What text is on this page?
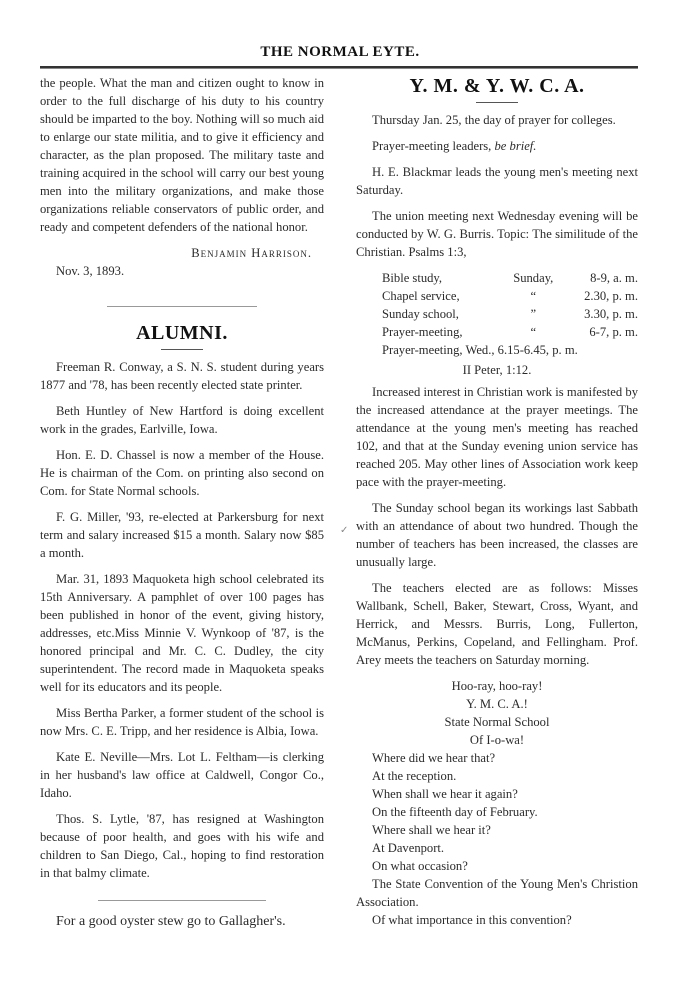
THE NORMAL EYTE.

the people. What the man and citizen ought to know in order to the full discharge of his duty to his country should be imparted to the boy. Nothing will so much aid to enlarge our state militia, and to give it efficiency and character, as the plan proposed. The military taste and training acquired in the school will carry our best young men into the military organizations, and make those organizations reliable conservators of public order, and ready and competent defenders of the national honor.

Benjamin Harrison.
Nov. 3, 1893.
ALUMNI.

Freeman R. Conway, a S. N. S. student during years 1877 and '78, has been recently elected state printer.

Beth Huntley of New Hartford is doing excellent work in the grades, Earlville, Iowa.

Hon. E. D. Chassel is now a member of the House. He is chairman of the Com. on printing also second on Com. for State Normal schools.

F. G. Miller, '93, re-elected at Parkersburg for next term and salary increased $15 a month. Salary now $85 a month.

Mar. 31, 1893 Maquoketa high school celebrated its 15th Anniversary. A pamphlet of over 100 pages has been published in honor of the event, giving history, addresses, etc.Miss Minnie V. Wynkoop of '87, is the honored principal and Mr. C. C. Dudley, the city superintendent. The record made in Maquoketa speaks well for its educators and its people.

Miss Bertha Parker, a former student of the school is now Mrs. C. E. Tripp, and her residence is Albia, Iowa.

Kate E. Neville—Mrs. Lot L. Feltham—is clerking in her husband's law office at Caldwell, Congor Co., Idaho.

Thos. S. Lytle, '87, has resigned at Washington because of poor health, and goes with his wife and children to San Diego, Cal., hoping to find restoration in that balmy climate.

For a good oyster stew go to Gallagher's.

✓
Y. M. & Y. W. C. A.

Thursday Jan. 25, the day of prayer for colleges.

Prayer-meeting leaders, be brief.

H. E. Blackmar leads the young men's meeting next Saturday.

The union meeting next Wednesday evening will be conducted by W. G. Burris. Topic: The similitude of the Christian. Psalms 1:3,

Bible study,	Sunday,	8-9, a. m.
Chapel service,	“	2.30, p. m.
Sunday school,	”	3.30, p. m.
Prayer-meeting,	“	6-7, p. m.
Prayer-meeting, Wed., 6.15-6.45, p. m.

II Peter, 1:12.

Increased interest in Christian work is manifested by the increased attendance at the prayer meetings. The attendance at the young men's meeting has reached 102, and that at the Sunday evening union service has reached 205. May other lines of Association work keep pace with the prayer-meeting.

The Sunday school began its workings last Sabbath with an attendance of about two hundred. Though the number of teachers has been increased, the classes are unusually large.

The teachers elected are as follows: Misses Wallbank, Schell, Baker, Stewart, Cross, Wyant, and Herrick, and Messrs. Burris, Long, Fullerton, McManus, Perkins, Copeland, and Fellingham. Prof. Arey meets the teachers on Saturday morning.

Hoo-ray, hoo-ray!

Y. M. C. A.!

State Normal School

Of I-o-wa!

Where did we hear that?

At the reception.

When shall we hear it again?

On the fifteenth day of February.

Where shall we hear it?

At Davenport.

On what occasion?

The State Convention of the Young Men's Christion Association.

Of what importance in this convention?
